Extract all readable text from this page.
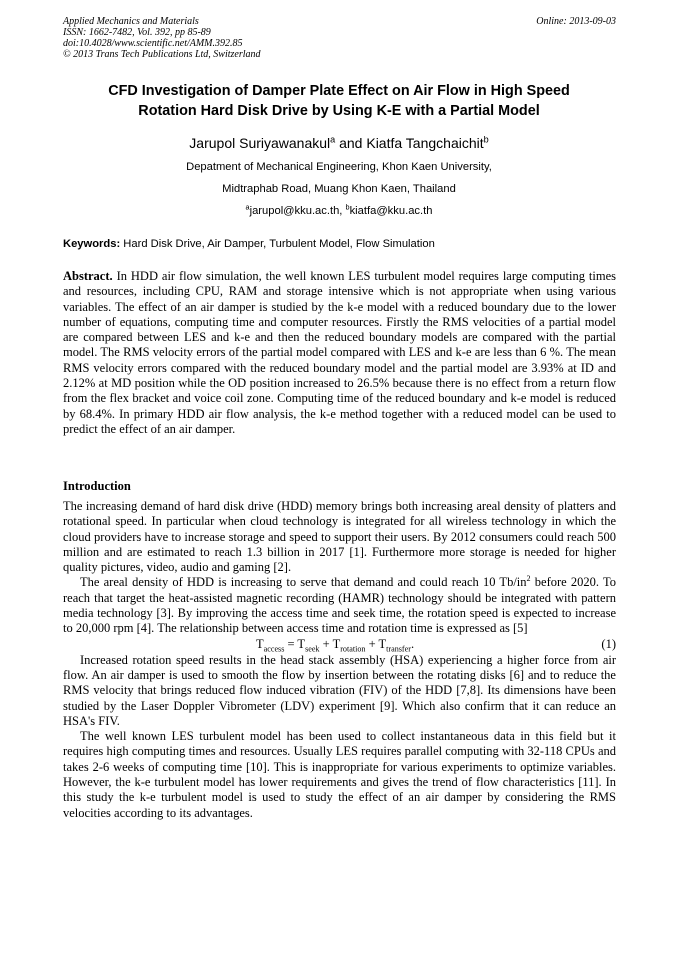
Applied Mechanics and Materials
ISSN: 1662-7482, Vol. 392, pp 85-89
doi:10.4028/www.scientific.net/AMM.392.85
© 2013 Trans Tech Publications Ltd, Switzerland
Online: 2013-09-03
CFD Investigation of Damper Plate Effect on Air Flow in High Speed
Rotation Hard Disk Drive by Using K-E with a Partial Model
Jarupol Suriyawanakul$^a$ and Kiatfa Tangchaichit$^b$
Depatment of Mechanical Engineering, Khon Kaen University,
Midtraphab Road, Muang Khon Kaen, Thailand
$^a$jarupol@kku.ac.th, $^b$kiatfa@kku.ac.th
Keywords: Hard Disk Drive, Air Damper, Turbulent Model, Flow Simulation

Abstract. In HDD air flow simulation, the well known LES turbulent model requires large computing times and resources, including CPU, RAM and storage intensive which is not appropriate when using various variables. The effect of an air damper is studied by the k-e model with a reduced boundary due to the lower number of equations, computing time and computer resources. Firstly the RMS velocities of a partial model are compared between LES and k-e and then the reduced boundary models are compared with the partial model. The RMS velocity errors of the partial model compared with LES and k-e are less than 6 %. The mean RMS velocity errors compared with the reduced boundary model and the partial model are 3.93% at ID and 2.12% at MD position while the OD position increased to 26.5% because there is no effect from a return flow from the flex bracket and voice coil zone. Computing time of the reduced boundary and k-e model is reduced by 68.4%. In primary HDD air flow analysis, the k-e method together with a reduced model can be used to predict the effect of an air damper.

Introduction

The increasing demand of hard disk drive (HDD) memory brings both increasing areal density of platters and rotational speed. In particular when cloud technology is integrated for all wireless technology in which the cloud providers have to increase storage and speed to support their users. By 2012 consumers could reach 500 million and are estimated to reach 1.3 billion in 2017 [1]. Furthermore more storage is needed for higher quality pictures, video, audio and gaming [2].

The areal density of HDD is increasing to serve that demand and could reach 10 $Tb/in^2$ before 2020. To reach that target the heat-assisted magnetic recording (HAMR) technology should be integrated with pattern media technology [3]. By improving the access time and seek time, the rotation speed is expected to increase to 20,000 rpm [4]. The relationship between access time and rotation time is expressed as [5]

$T_{access} = T_{seek} + T_{rotation} + T_{transfer}$.	(1)

Increased rotation speed results in the head stack assembly (HSA) experiencing a higher force from air flow. An air damper is used to smooth the flow by insertion between the rotating disks [6] and to reduce the RMS velocity that brings reduced flow induced vibration (FIV) of the HDD [7,8]. Its dimensions have been studied by the Laser Doppler Vibrometer (LDV) experiment [9]. Which also confirm that it can reduce an HSA's FIV.

The well known LES turbulent model has been used to collect instantaneous data in this field but it requires high computing times and resources. Usually LES requires parallel computing with 32-118 CPUs and takes 2-6 weeks of computing time [10]. This is inappropriate for various experiments to optimize variables. However, the k-e turbulent model has lower requirements and gives the trend of flow characteristics [11]. In this study the k-e turbulent model is used to study the effect of an air damper by considering the RMS velocities according to its advantages.
